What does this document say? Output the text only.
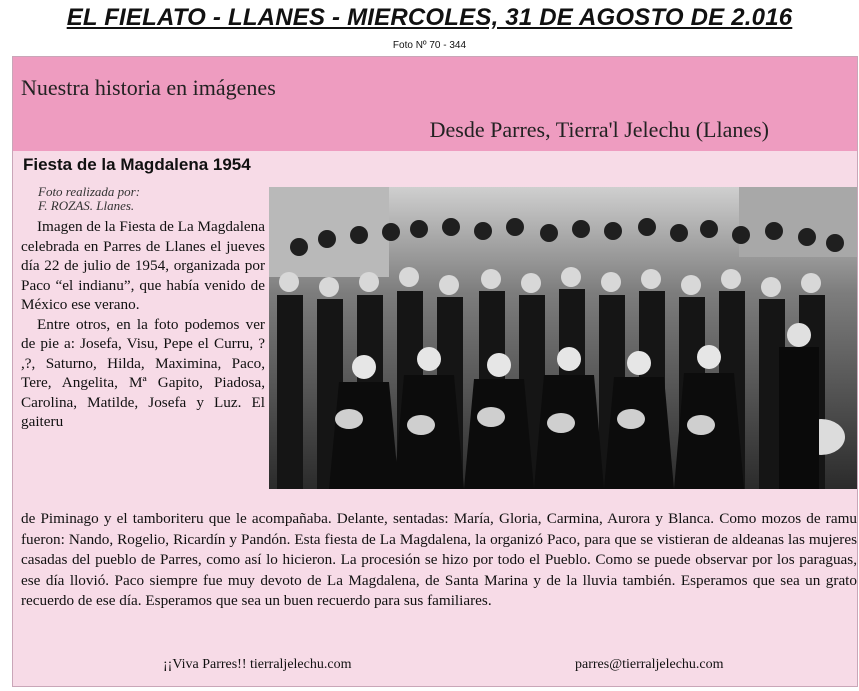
EL FIELATO - LLANES - MIERCOLES, 31 DE AGOSTO DE 2.016
Foto Nº 70 - 344
Nuestra historia en imágenes
Desde Parres, Tierra'l Jelechu (Llanes)
Fiesta de la Magdalena 1954
Foto realizada por:
F. ROZAS. Llanes.

Imagen de la Fiesta de La Magdalena celebrada en Parres de Llanes el jueves día 22 de julio de 1954, organizada por Paco “el indianu”, que había venido de México ese verano.

Entre otros, en la foto podemos ver de pie a: Josefa, Visu, Pepe el Curru, ? ,?, Saturno, Hilda, Maximina, Paco, Tere, Angelita, Mª Gapito, Piadosa, Carolina, Matilde, Josefa y Luz. El gaiteru

de Piminago y el tamboriteru que le acompañaba. Delante, sentadas: María, Gloria, Carmina, Aurora y Blanca. Como mozos de ramu fueron: Nando, Rogelio, Ricardín y Pandón. Esta fiesta de La Magdalena, la organizó Paco, para que se vistieran de aldeanas las mujeres casadas del pueblo de Parres, como así lo hicieron. La procesión se hizo por todo el Pueblo. Como se puede observar por los paraguas, ese día llovió. Paco siempre fue muy devoto de La Magdalena, de Santa Marina y de la lluvia también. Esperamos que sea un grato recuerdo de ese día. Esperamos que sea un buen recuerdo para sus familiares.
¡¡Viva Parres!! tierraljelechu.com	parres@tierraljelechu.com
